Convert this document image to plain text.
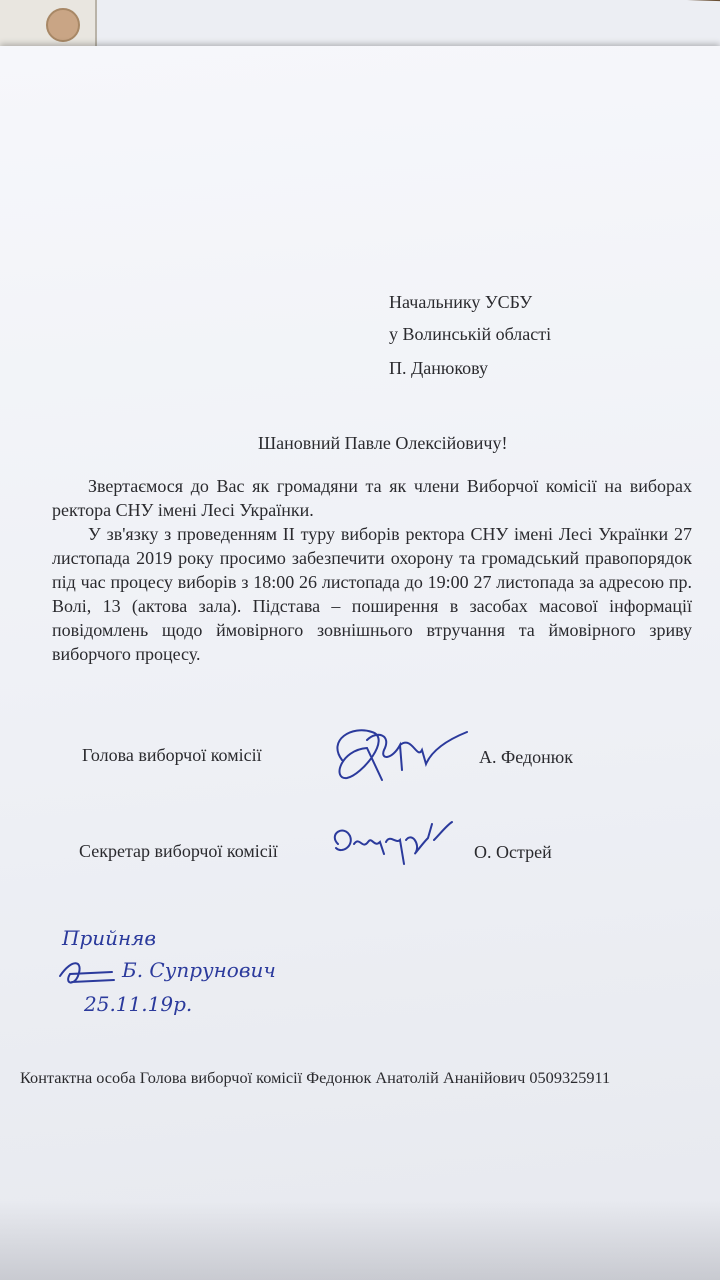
Начальнику УСБУ
у Волинській області
П. Данюкову
Шановний Павле Олексійовичу!
Звертаємося до Вас як громадяни та як члени Виборчої комісії на виборах ректора СНУ імені Лесі Українки.
У зв'язку з проведенням II туру виборів ректора СНУ імені Лесі Українки 27 листопада 2019 року просимо забезпечити охорону та громадський правопорядок під час процесу виборів з 18:00 26 листопада до 19:00 27 листопада за адресою пр. Волі, 13 (актова зала). Підстава – поширення в засобах масової інформації повідомлень щодо ймовірного зовнішнього втручання та ймовірного зриву виборчого процесу.
Голова виборчої комісії	А. Федонюк
Секретар виборчої комісії	О. Острей
Прийняв
Б. Супрунович
25.11.19р.
Контактна особа Голова виборчої комісії Федонюк Анатолій Ананійович 0509325911
